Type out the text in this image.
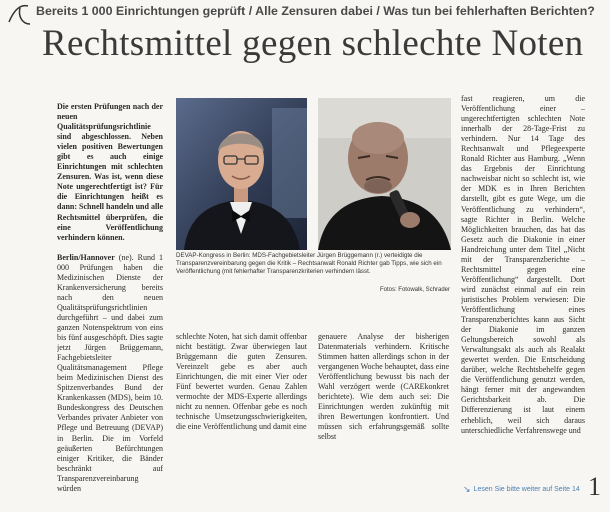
Bereits 1 000 Einrichtungen geprüft / Alle Zensuren dabei / Was tun bei fehlerhaften Berichten?
Rechtsmittel gegen schlechte Noten

Die ersten Prüfungen nach der neuen Qualitätsprüfungsrichtlinie sind abgeschlossen. Neben vielen positiven Bewertungen gibt es auch einige Einrichtungen mit schlechten Zensuren. Was ist, wenn diese Note ungerechtfertigt ist? Für die Einrichtungen heißt es dann: Schnell handeln und alle Rechtsmittel überprüfen, die eine Veröffentlichung verhindern können.

Berlin/Hannover (ne). Rund 1 000 Prüfungen haben die Medizinischen Dienste der Krankenversicherung bereits nach den neuen Qualitätsprüfungsrichtlinien durchgeführt – und dabei zum ganzen Notenspektrum von eins bis fünf ausgeschöpft. Dies sagte jetzt Jürgen Brüggemann, Fachgebietsleiter Qualitätsmanagement Pflege beim Medizinischen Dienst des Spitzenverbandes Bund der Krankenkassen (MDS), beim 10. Bundeskongress des Deutschen Verbandes privater Anbieter von Pflege und Betreuung (DEVAP) in Berlin. Die im Vorfeld geäußerten Befürchtungen einiger Kritiker, die Bänder beschränkt auf Transparenzvereinbarung würden

DEVAP-Kongress in Berlin: MDS-Fachgebietsleiter Jürgen Brüggemann (r.) verteidigte die Transparenzvereinbarung gegen die Kritik – Rechtsanwalt Ronald Richter gab Tipps, wie sich ein Veröffentlichung (mit fehlerhafter Transparenzkriterien verhindern lässt.
Fotos: Fotowalk, Schrader

schlechte Noten, hat sich damit offenbar nicht bestätigt. Zwar überwiegen laut Brüggemann die guten Zensuren. Vereinzelt gebe es aber auch Einrichtungen, die mit einer Vier oder Fünf bewertet wurden. Genau Zahlen vermochte der MDS-Experte allerdings nicht zu nennen. Offenbar gebe es noch technische Umsetzungsschwierigkeiten, die eine Veröffentlichung und damit eine

genauere Analyse der bisherigen Datenmaterials verhindern. Kritische Stimmen hatten allerdings schon in der vergangenen Woche behauptet, dass eine Veröffentlichung bewusst bis nach der Wahl verzögert werde (CAREkonkret berichtete). Wie dem auch sei: Die Einrichtungen werden zukünftig mit ihren Bewertungen konfrontiert. Und müssen sich erfahrungsgemäß sollte selbst

fast reagieren, um die Veröffentlichung einer – ungerechtfertigten schlechten Note innerhalb der 28-Tage-Frist zu verhindern. Nur 14 Tage des Rechtsanwalt und Pflegeexperte Ronald Richter aus Hamburg. „Wenn das Ergebnis der Einrichtung nachweisbar nicht so schlecht ist, wie der MDK es in Ihren Berichten darstellt, gibt es gute Wege, um die Veröffentlichung zu verhindern“, sagte Richter in Berlin. Welche Möglichkeiten brauchen, das hat das Gesetz auch die Diakonie in einer Handreichung unter dem Titel „Nicht mit der Transparenzberichte – Rechtsmittel gegen eine Veröffentlichung“ dargestellt. Dort wird zunächst einmal auf ein rein juristisches Problem verwiesen: Die Veröffentlichung eines Transparenzberichtes kann aus Sicht der Diakonie im ganzen Geltungsbereich sowohl als Verwaltungsakt als auch als Realakt gewertet werden. Die Entscheidung darüber, welche Rechtsbehelfe gegen die Veröffentlichung genutzt werden, hängt ferner mit der angewandten Gerichtsbarkeit ab. Die Differenzierung ist laut einem erheblich, weil sich daraus unterschiedliche Verfahrenswege und

↘ Lesen Sie bitte weiter auf Seite 14 1
